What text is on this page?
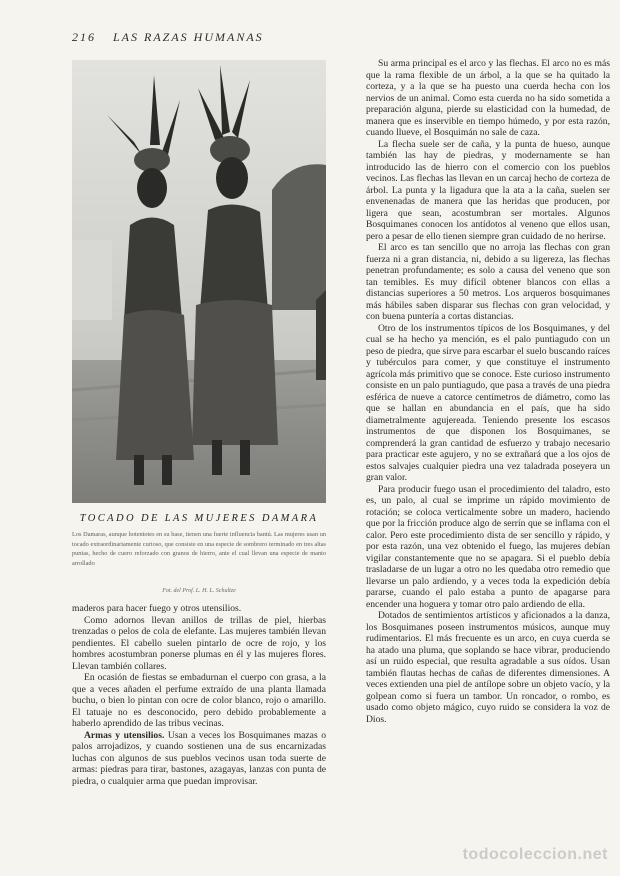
216 LAS RAZAS HUMANAS
TOCADO DE LAS MUJERES DAMARA
Los Damaras, aunque hotentotes en su base, tienen una fuerte influencia bantú. Las mujeres usan un tocado extraordinariamente curioso, que consiste en una especie de sombrero terminado en tres altas puntas, hecho de cuero reforzado con granos de hierro, ante el cual llevan una especie de manto arrollado
Fot. del Prof. L. H. L. Schultze

maderos para hacer fuego y otros utensilios.

Como adornos llevan anillos de trillas de piel, hierbas trenzadas o pelos de cola de elefante. Las mujeres también llevan pendientes. El cabello suelen pintarlo de ocre de rojo, y los hombres acostumbran ponerse plumas en él y las mujeres flores. Llevan también collares.

En ocasión de fiestas se embadurnan el cuerpo con grasa, a la que a veces añaden el perfume extraído de una planta llamada buchu, o bien lo pintan con ocre de color blanco, rojo o amarillo. El tatuaje no es desconocido, pero debido probablemente a haberlo aprendido de las tribus vecinas.

Armas y utensilios. Usan a veces los Bosquimanes mazas o palos arrojadizos, y cuando sostienen una de sus encarnizadas luchas con algunos de sus pueblos vecinos usan toda suerte de armas: piedras para tirar, bastones, azagayas, lanzas con punta de piedra, o cualquier arma que puedan improvisar.

Su arma principal es el arco y las flechas. El arco no es más que la rama flexible de un árbol, a la que se ha quitado la corteza, y a la que se ha puesto una cuerda hecha con los nervios de un animal. Como esta cuerda no ha sido sometida a preparación alguna, pierde su elasticidad con la humedad, de manera que es inservible en tiempo húmedo, y por esta razón, cuando llueve, el Bosquimán no sale de caza.

La flecha suele ser de caña, y la punta de hueso, aunque también las hay de piedras, y modernamente se han introducido las de hierro con el comercio con los pueblos vecinos. Las flechas las llevan en un carcaj hecho de corteza de árbol. La punta y la ligadura que la ata a la caña, suelen ser envenenadas de manera que las heridas que producen, por ligera que sean, acostumbran ser mortales. Algunos Bosquimanes conocen los antídotos al veneno que ellos usan, pero a pesar de ello tienen siempre gran cuidado de no herirse.

El arco es tan sencillo que no arroja las flechas con gran fuerza ni a gran distancia, ni, debido a su ligereza, las flechas penetran profundamente; es solo a causa del veneno que son tan temibles. Es muy difícil obtener blancos con ellas a distancias superiores a 50 metros. Los arqueros bosquimanes más hábiles saben disparar sus flechas con gran velocidad, y con buena puntería a cortas distancias.

Otro de los instrumentos típicos de los Bosquimanes, y del cual se ha hecho ya mención, es el palo puntiagudo con un peso de piedra, que sirve para escarbar el suelo buscando raíces y tubérculos para comer, y que constituye el instrumento agrícola más primitivo que se conoce. Este curioso instrumento consiste en un palo puntiagudo, que pasa a través de una piedra esférica de nueve a catorce centímetros de diámetro, como las que se hallan en abundancia en el país, que ha sido diametralmente agujereada. Teniendo presente los escasos instrumentos de que disponen los Bosquimanes, se comprenderá la gran cantidad de esfuerzo y trabajo necesario para practicar este agujero, y no se extrañará que a los ojos de estos salvajes cualquier piedra una vez taladrada poseyera un gran valor.

Para producir fuego usan el procedimiento del taladro, esto es, un palo, al cual se imprime un rápido movimiento de rotación; se coloca verticalmente sobre un madero, haciendo que por la fricción produce algo de serrín que se inflama con el calor. Pero este procedimiento dista de ser sencillo y rápido, y por esta razón, una vez obtenido el fuego, las mujeres debían vigilar constantemente que no se apagara. Si el pueblo debía trasladarse de un lugar a otro no les quedaba otro remedio que llevarse un palo ardiendo, y a veces toda la expedición debía pararse, cuando el palo estaba a punto de apagarse para encender una hoguera y tomar otro palo ardiendo de ella.

Dotados de sentimientos artísticos y aficionados a la danza, los Bosquimanes poseen instrumentos músicos, aunque muy rudimentarios. El más frecuente es un arco, en cuya cuerda se ha atado una pluma, que soplando se hace vibrar, produciendo así un ruido especial, que resulta agradable a sus oídos. Usan también flautas hechas de cañas de diferentes dimensiones. A veces extienden una piel de antílope sobre un objeto vacío, y la golpean como si fuera un tambor. Un roncador, o rombo, es usado como objeto mágico, cuyo ruido se considera la voz de Dios.

todocoleccion.net
